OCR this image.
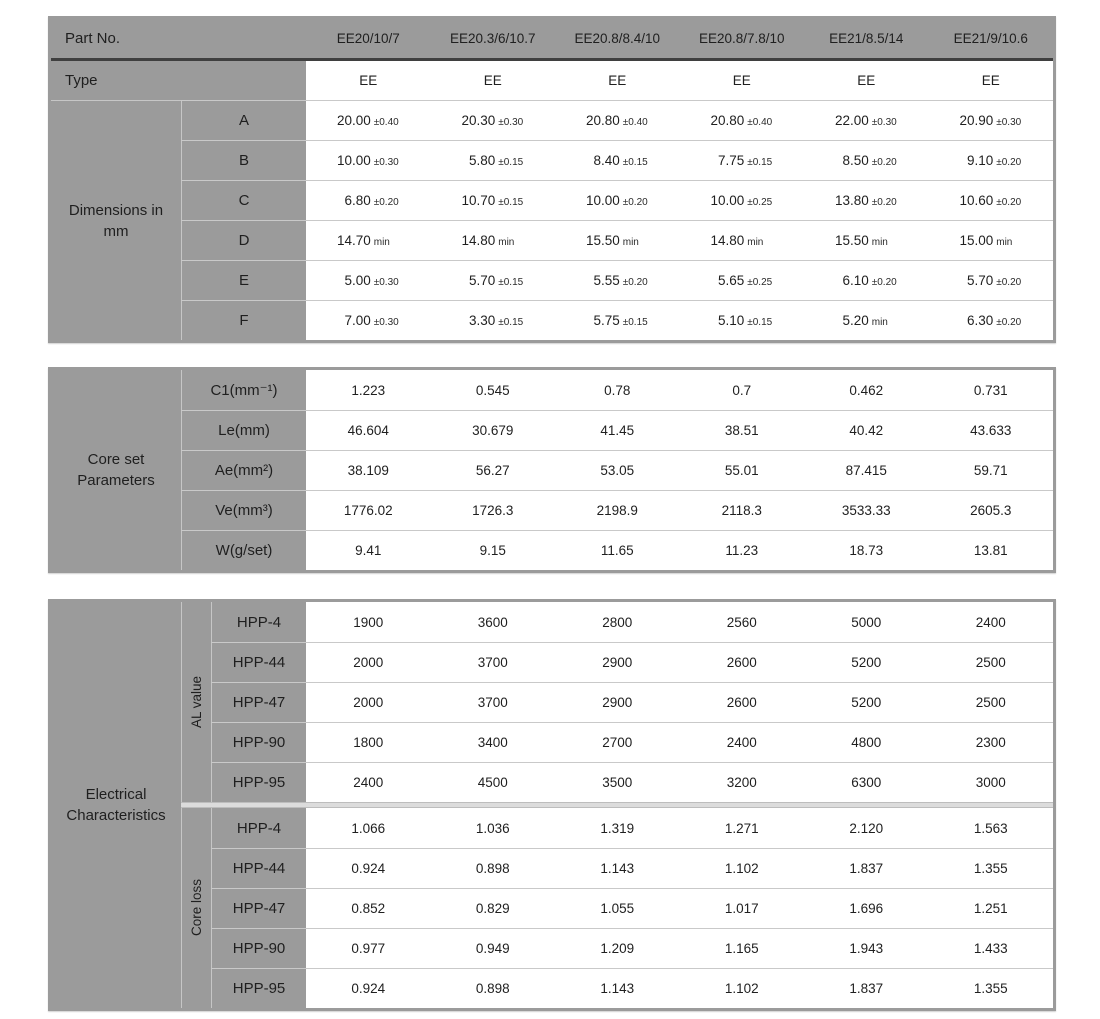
Part No.	EE20/10/7	EE20.3/6/10.7	EE20.8/8.4/10	EE20.8/7.8/10	EE21/8.5/14	EE21/9/10.6
Type	EE	EE	EE	EE	EE	EE
Dimensions in mm
A	20.00 ±0.40	20.30 ±0.30	20.80 ±0.40	20.80 ±0.40	22.00 ±0.30	20.90 ±0.30
B	10.00 ±0.30	5.80 ±0.15	8.40 ±0.15	7.75 ±0.15	8.50 ±0.20	9.10 ±0.20
C	6.80 ±0.20	10.70 ±0.15	10.00 ±0.20	10.00 ±0.25	13.80 ±0.20	10.60 ±0.20
D	14.70 min	14.80 min	15.50 min	14.80 min	15.50 min	15.00 min
E	5.00 ±0.30	5.70 ±0.15	5.55 ±0.20	5.65 ±0.25	6.10 ±0.20	5.70 ±0.20
F	7.00 ±0.30	3.30 ±0.15	5.75 ±0.15	5.10 ±0.15	5.20 min	6.30 ±0.20
Core set Parameters
C1(mm⁻¹)	1.223	0.545	0.78	0.7	0.462	0.731
Le(mm)	46.604	30.679	41.45	38.51	40.42	43.633
Ae(mm²)	38.109	56.27	53.05	55.01	87.415	59.71
Ve(mm³)	1776.02	1726.3	2198.9	2118.3	3533.33	2605.3
W(g/set)	9.41	9.15	11.65	11.23	18.73	13.81
Electrical Characteristics
AL value
HPP-4	1900	3600	2800	2560	5000	2400
HPP-44	2000	3700	2900	2600	5200	2500
HPP-47	2000	3700	2900	2600	5200	2500
HPP-90	1800	3400	2700	2400	4800	2300
HPP-95	2400	4500	3500	3200	6300	3000
Core loss
HPP-4	1.066	1.036	1.319	1.271	2.120	1.563
HPP-44	0.924	0.898	1.143	1.102	1.837	1.355
HPP-47	0.852	0.829	1.055	1.017	1.696	1.251
HPP-90	0.977	0.949	1.209	1.165	1.943	1.433
HPP-95	0.924	0.898	1.143	1.102	1.837	1.355
